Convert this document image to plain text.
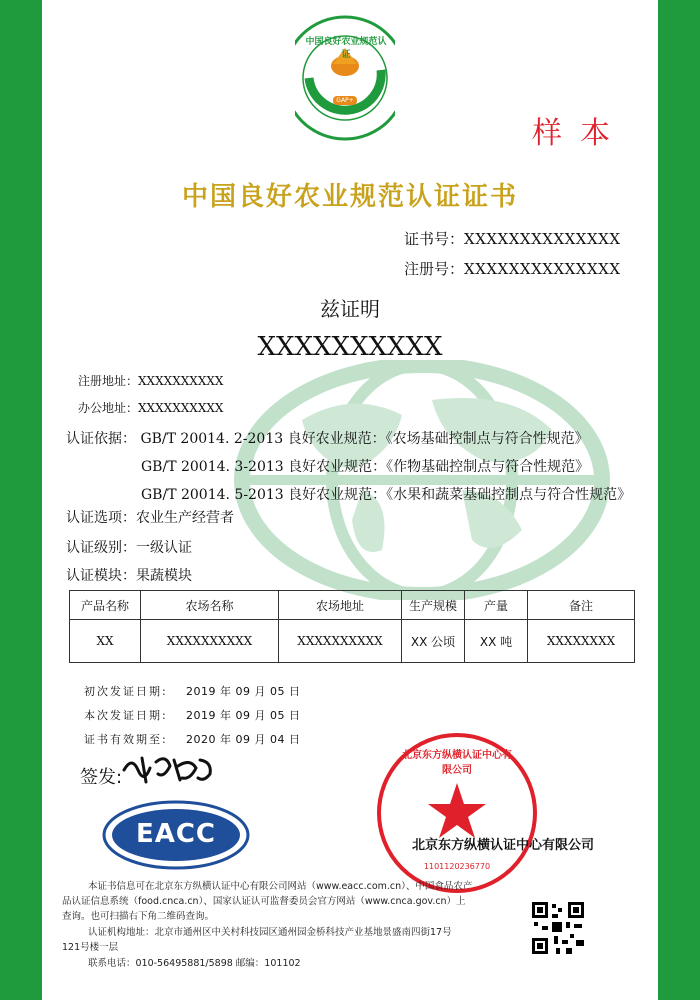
中国良好农业规范认证
GAP+
样本
中国良好农业规范认证证书
证书号：XXXXXXXXXXXXXX
注册号：XXXXXXXXXXXXXX
兹证明
XXXXXXXXXX
注册地址：XXXXXXXXXX
办公地址：XXXXXXXXXX
认证依据： GB/T 20014. 2-2013 良好农业规范：《农场基础控制点与符合性规范》
GB/T 20014. 3-2013 良好农业规范：《作物基础控制点与符合性规范》
GB/T 20014. 5-2013 良好农业规范：《水果和蔬菜基础控制点与符合性规范》
认证选项：农业生产经营者
认证级别：一级认证
认证模块：果蔬模块
产品名称	农场名称	农场地址	生产规模	产量	备注
XX	XXXXXXXXXX	XXXXXXXXXX	XX 公顷	XX 吨	XXXXXXXX
初次发证日期: 2019 年 09 月 05 日
本次发证日期: 2019 年 09 月 05 日
证书有效期至: 2020 年 09 月 04 日
签发:
EACC
北京东方纵横认证中心有限公司
1101120236770
北京东方纵横认证中心有限公司
本证书信息可在北京东方纵横认证中心有限公司网站（www.eacc.com.cn）、中国食品农产
品认证信息系统（food.cnca.cn）、国家认证认可监督委员会官方网站（www.cnca.gov.cn）上
查询。也可扫描右下角二维码查询。
认证机构地址：北京市通州区中关村科技园区通州园金桥科技产业基地景盛南四街17号
121号楼一层
联系电话：010-56495881/5898 邮编：101102
